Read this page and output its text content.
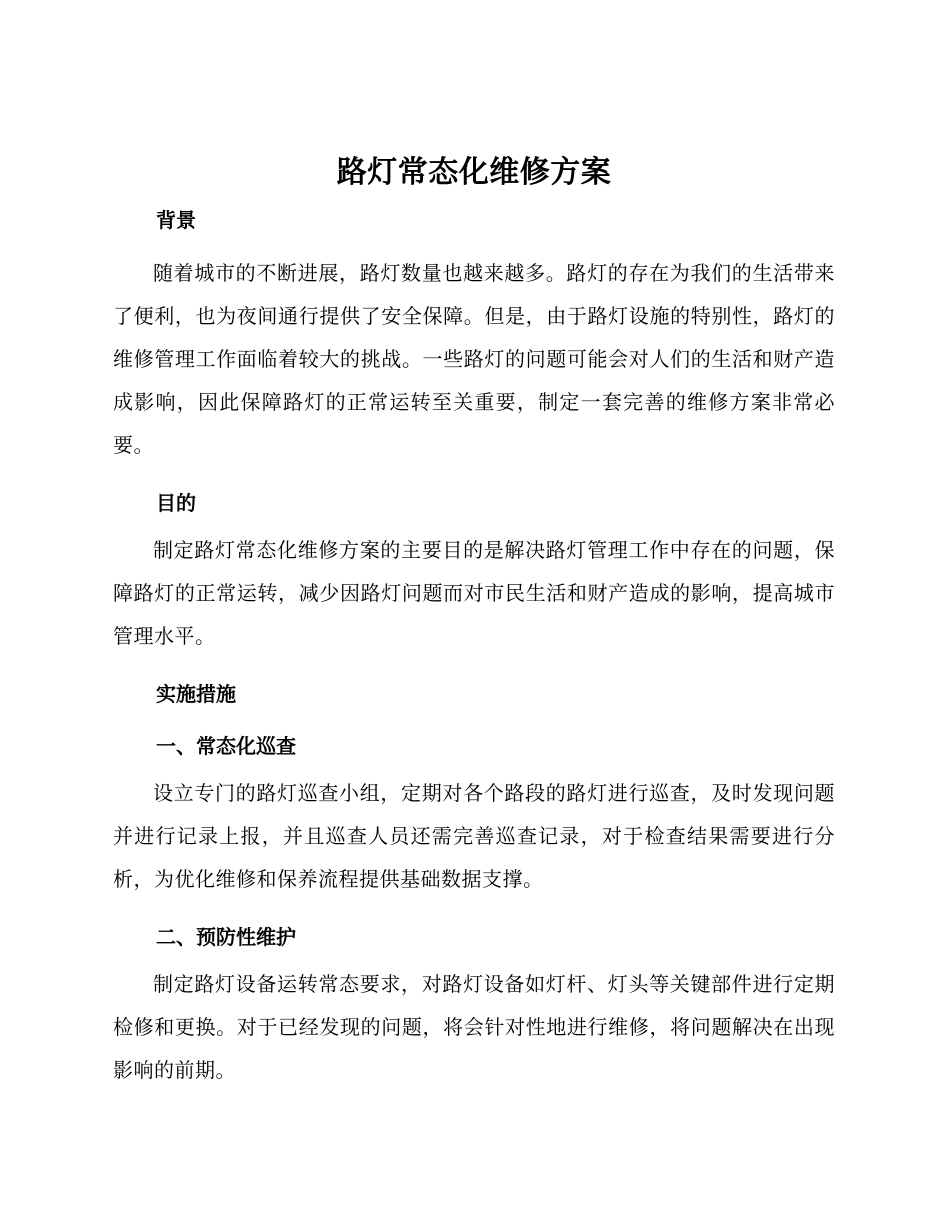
路灯常态化维修方案
背景

随着城市的不断进展，路灯数量也越来越多。路灯的存在为我们的生活带来了便利，也为夜间通行提供了安全保障。但是，由于路灯设施的特别性，路灯的维修管理工作面临着较大的挑战。一些路灯的问题可能会对人们的生活和财产造成影响，因此保障路灯的正常运转至关重要，制定一套完善的维修方案非常必要。

目的

制定路灯常态化维修方案的主要目的是解决路灯管理工作中存在的问题，保障路灯的正常运转，减少因路灯问题而对市民生活和财产造成的影响，提高城市管理水平。

实施措施
一、常态化巡查

设立专门的路灯巡查小组，定期对各个路段的路灯进行巡查，及时发现问题并进行记录上报，并且巡查人员还需完善巡查记录，对于检查结果需要进行分析，为优化维修和保养流程提供基础数据支撑。

二、预防性维护

制定路灯设备运转常态要求，对路灯设备如灯杆、灯头等关键部件进行定期检修和更换。对于已经发现的问题，将会针对性地进行维修，将问题解决在出现影响的前期。
